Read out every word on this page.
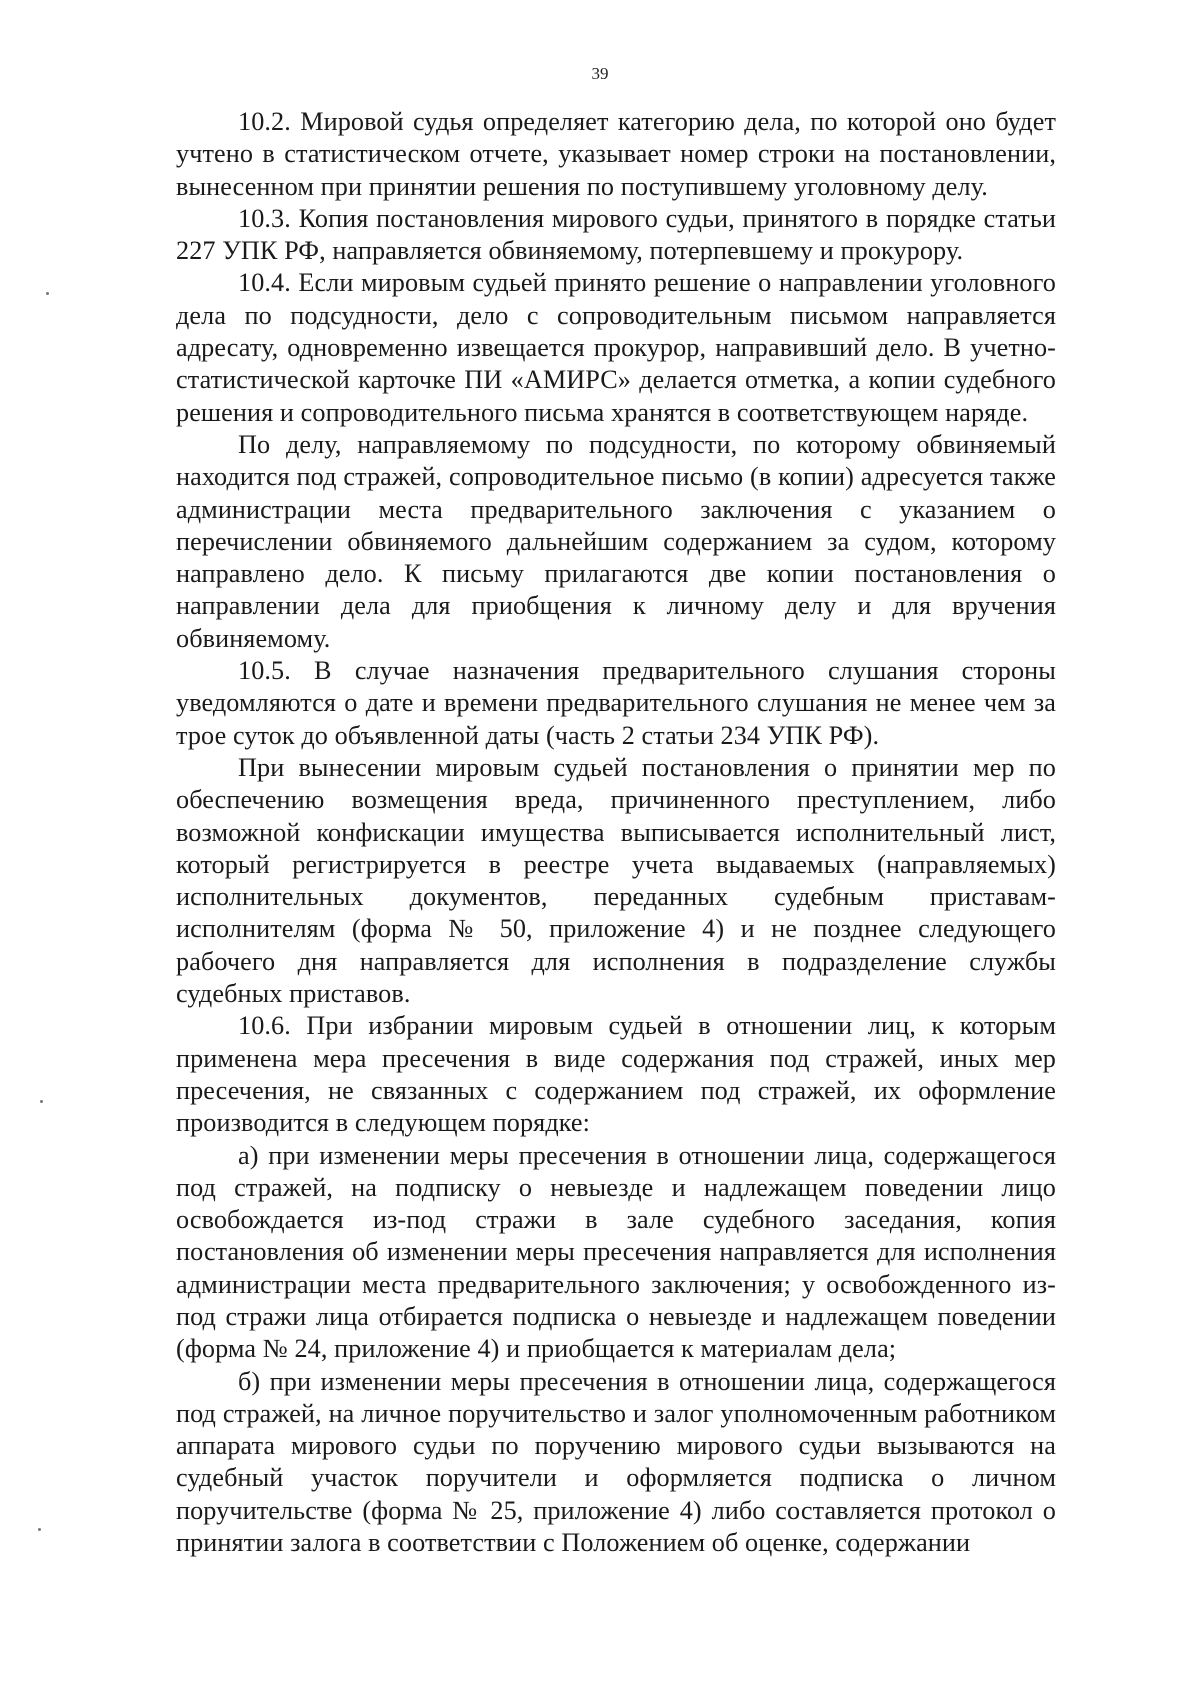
39

10.2. Мировой судья определяет категорию дела, по которой оно будет учтено в статистическом отчете, указывает номер строки на постановлении, вынесенном при принятии решения по поступившему уголовному делу.

10.3. Копия постановления мирового судьи, принятого в порядке статьи 227 УПК РФ, направляется обвиняемому, потерпевшему и прокурору.

10.4. Если мировым судьей принято решение о направлении уголовного дела по подсудности, дело с сопроводительным письмом направляется адресату, одновременно извещается прокурор, направивший дело. В учетно-статистической карточке ПИ «АМИРС» делается отметка, а копии судебного решения и сопроводительного письма хранятся в соответствующем наряде.

По делу, направляемому по подсудности, по которому обвиняемый находится под стражей, сопроводительное письмо (в копии) адресуется также администрации места предварительного заключения с указанием о перечислении обвиняемого дальнейшим содержанием за судом, которому направлено дело. К письму прилагаются две копии постановления о направлении дела для приобщения к личному делу и для вручения обвиняемому.

10.5. В случае назначения предварительного слушания стороны уведомляются о дате и времени предварительного слушания не менее чем за трое суток до объявленной даты (часть 2 статьи 234 УПК РФ).

При вынесении мировым судьей постановления о принятии мер по обеспечению возмещения вреда, причиненного преступлением, либо возможной конфискации имущества выписывается исполнительный лист, который регистрируется в реестре учета выдаваемых (направляемых) исполнительных документов, переданных судебным приставам-исполнителям (форма № 50, приложение 4) и не позднее следующего рабочего дня направляется для исполнения в подразделение службы судебных приставов.

10.6. При избрании мировым судьей в отношении лиц, к которым применена мера пресечения в виде содержания под стражей, иных мер пресечения, не связанных с содержанием под стражей, их оформление производится в следующем порядке:

а) при изменении меры пресечения в отношении лица, содержащегося под стражей, на подписку о невыезде и надлежащем поведении лицо освобождается из-под стражи в зале судебного заседания, копия постановления об изменении меры пресечения направляется для исполнения администрации места предварительного заключения; у освобожденного из-под стражи лица отбирается подписка о невыезде и надлежащем поведении (форма № 24, приложение 4) и приобщается к материалам дела;

б) при изменении меры пресечения в отношении лица, содержащегося под стражей, на личное поручительство и залог уполномоченным работником аппарата мирового судьи по поручению мирового судьи вызываются на судебный участок поручители и оформляется подписка о личном поручительстве (форма № 25, приложение 4) либо составляется протокол о принятии залога в соответствии с Положением об оценке, содержании
